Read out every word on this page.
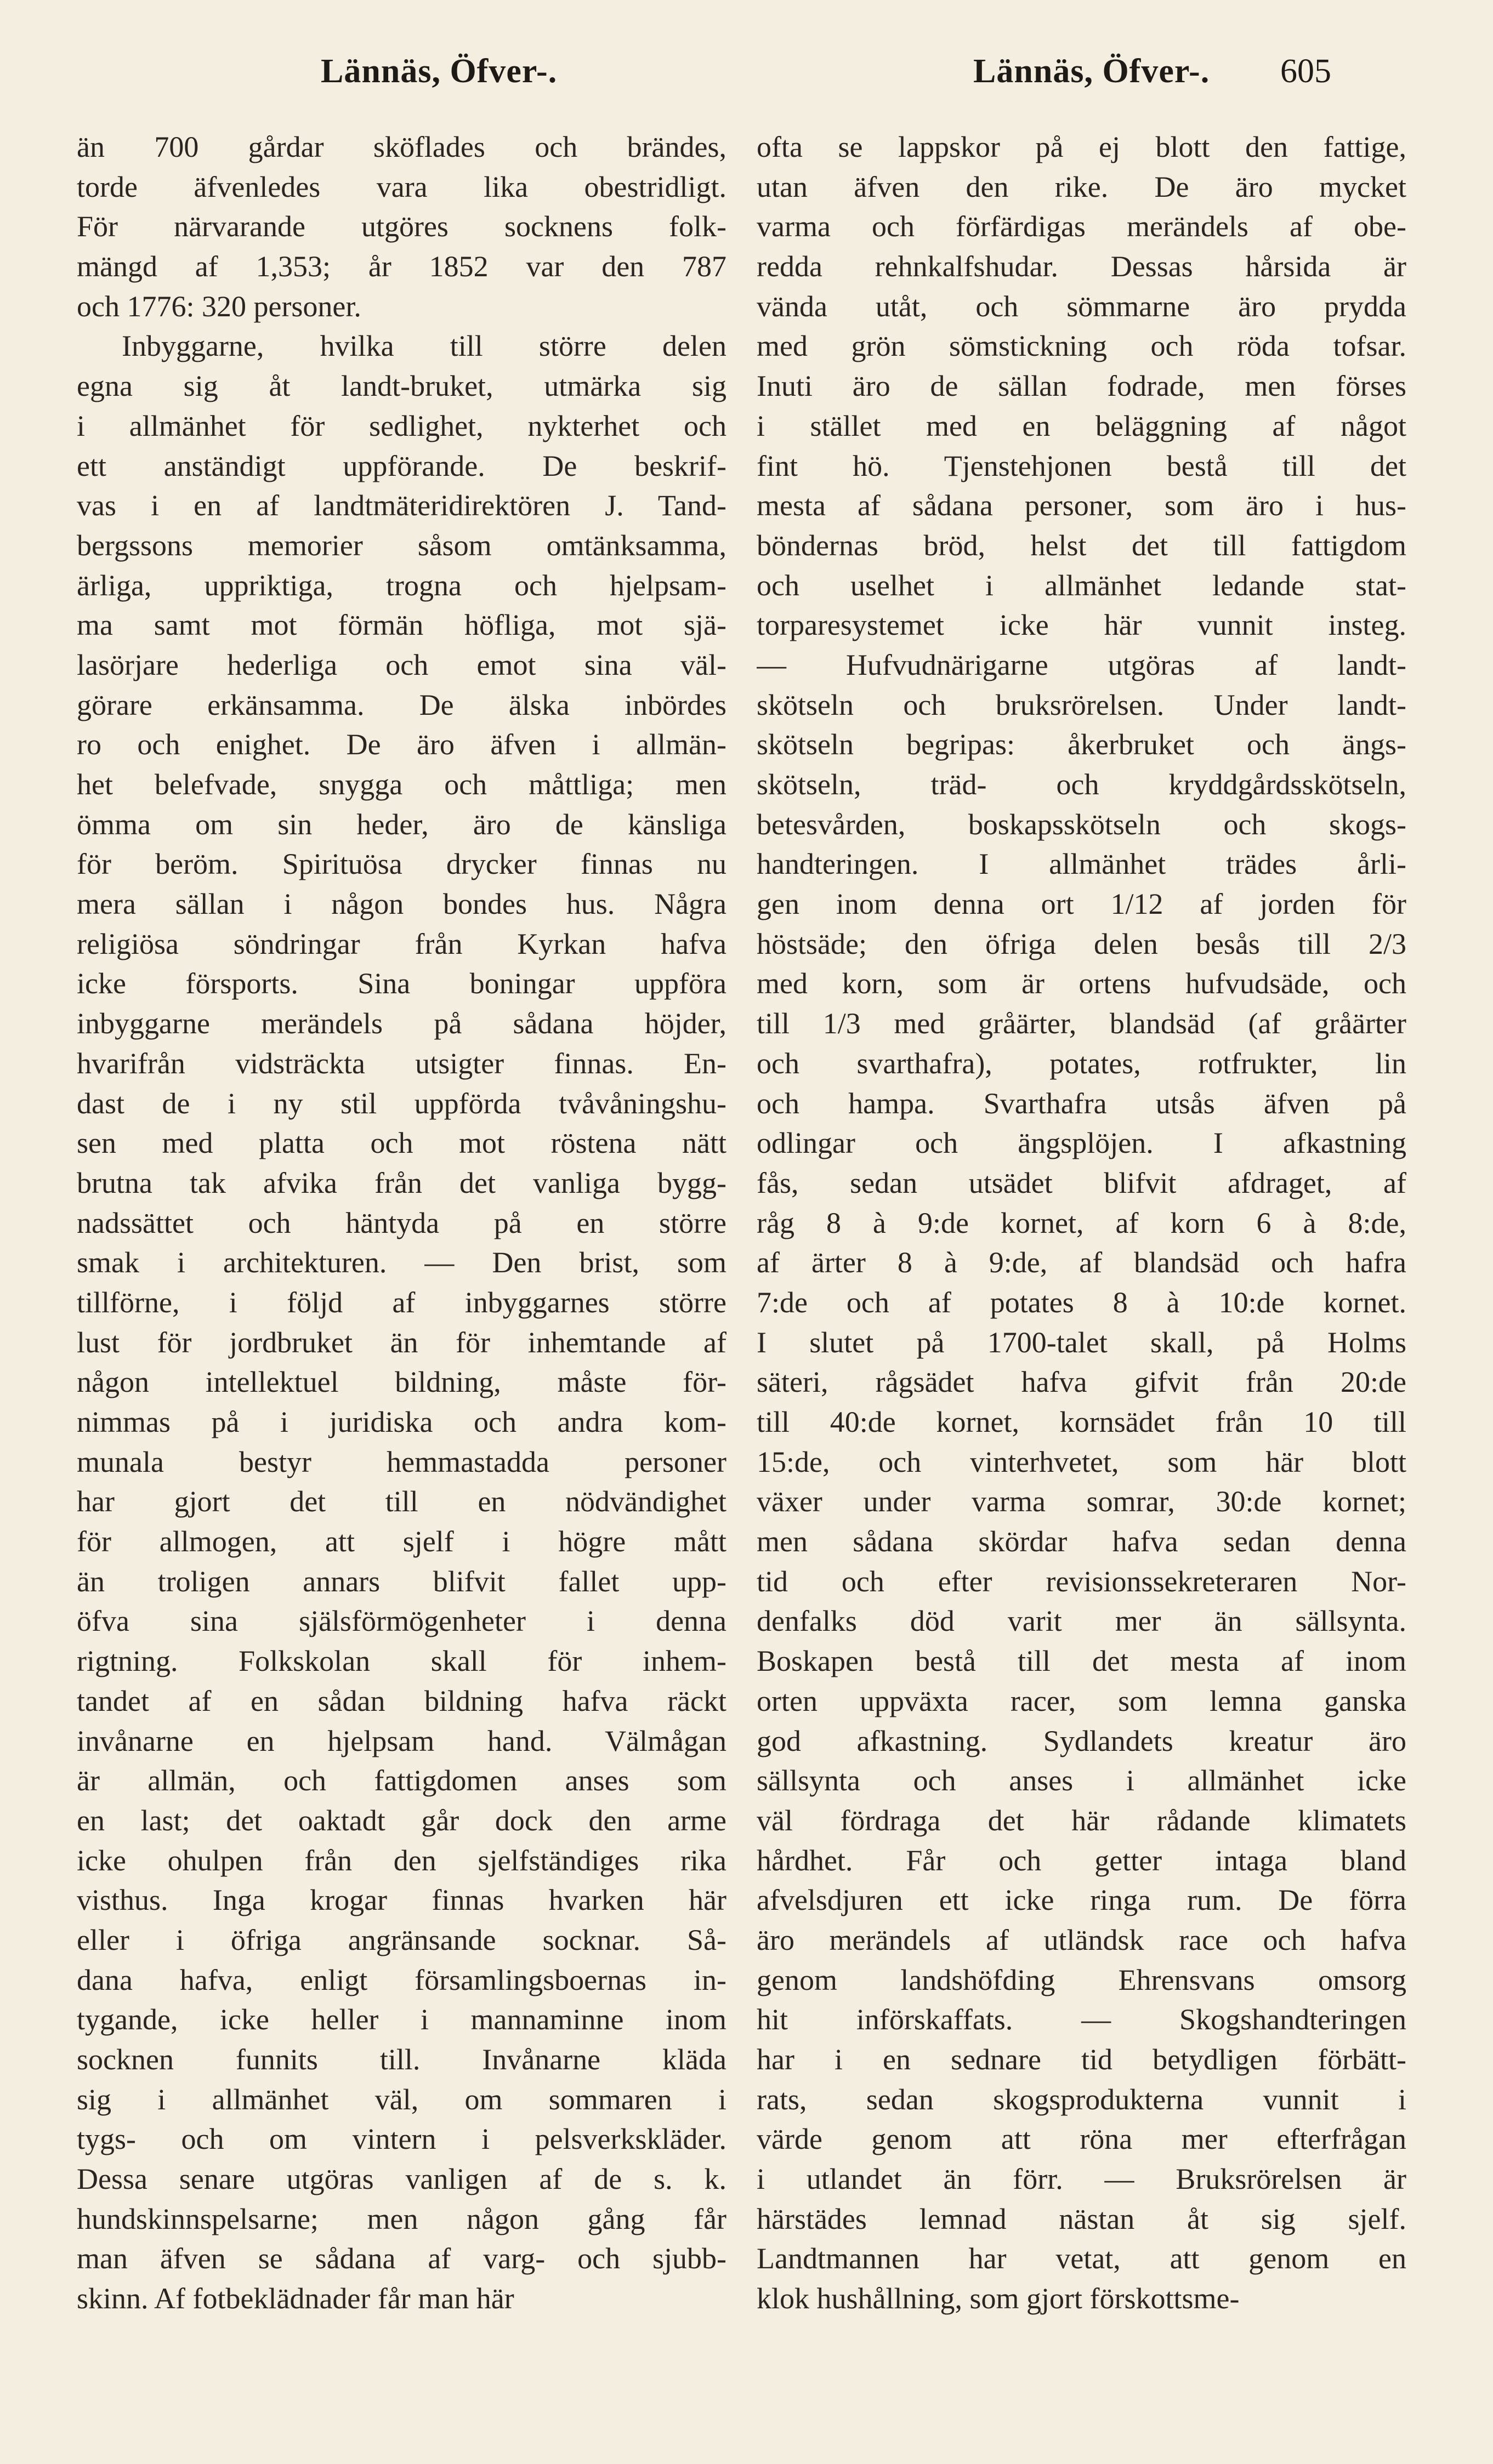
Lännäs, Öfver-.	Lännäs, Öfver-. 605
än 700 gårdar sköflades och brändes,
torde äfvenledes vara lika obestridligt.
För närvarande utgöres socknens folk-
mängd af 1,353; år 1852 var den 787
och 1776: 320 personer.
Inbyggarne, hvilka till större delen
egna sig åt landt-bruket, utmärka sig
i allmänhet för sedlighet, nykterhet och
ett anständigt uppförande. De beskrif-
vas i en af landtmäteridirektören J. Tand-
bergssons memorier såsom omtänksamma,
ärliga, uppriktiga, trogna och hjelpsam-
ma samt mot förmän höfliga, mot sjä-
lasörjare hederliga och emot sina väl-
görare erkänsamma. De älska inbördes
ro och enighet. De äro äfven i allmän-
het belefvade, snygga och måttliga; men
ömma om sin heder, äro de känsliga
för beröm. Spirituösa drycker finnas nu
mera sällan i någon bondes hus. Några
religiösa söndringar från Kyrkan hafva
icke försports. Sina boningar uppföra
inbyggarne merändels på sådana höjder,
hvarifrån vidsträckta utsigter finnas. En-
dast de i ny stil uppförda tvåvåningshu-
sen med platta och mot röstena nätt
brutna tak afvika från det vanliga bygg-
nadssättet och häntyda på en större
smak i architekturen. — Den brist, som
tillförne, i följd af inbyggarnes större
lust för jordbruket än för inhemtande af
någon intellektuel bildning, måste för-
nimmas på i juridiska och andra kom-
munala bestyr hemmastadda personer
har gjort det till en nödvändighet
för allmogen, att sjelf i högre mått
än troligen annars blifvit fallet upp-
öfva sina själsförmögenheter i denna
rigtning. Folkskolan skall för inhem-
tandet af en sådan bildning hafva räckt
invånarne en hjelpsam hand. Välmågan
är allmän, och fattigdomen anses som
en last; det oaktadt går dock den arme
icke ohulpen från den sjelfständiges rika
visthus. Inga krogar finnas hvarken här
eller i öfriga angränsande socknar. Så-
dana hafva, enligt församlingsboernas in-
tygande, icke heller i mannaminne inom
socknen funnits till. Invånarne kläda
sig i allmänhet väl, om sommaren i
tygs- och om vintern i pelsverkskläder.
Dessa senare utgöras vanligen af de s. k.
hundskinnspelsarne; men någon gång får
man äfven se sådana af varg- och sjubb-
skinn. Af fotbeklädnader får man här
ofta se lappskor på ej blott den fattige,
utan äfven den rike. De äro mycket
varma och förfärdigas merändels af obe-
redda rehnkalfshudar. Dessas hårsida är
vända utåt, och sömmarne äro prydda
med grön sömstickning och röda tofsar.
Inuti äro de sällan fodrade, men förses
i stället med en beläggning af något
fint hö. Tjenstehjonen bestå till det
mesta af sådana personer, som äro i hus-
böndernas bröd, helst det till fattigdom
och uselhet i allmänhet ledande stat-
torparesystemet icke här vunnit insteg.
— Hufvudnärigarne utgöras af landt-
skötseln och bruksrörelsen. Under landt-
skötseln begripas: åkerbruket och ängs-
skötseln, träd- och kryddgårdsskötseln,
betesvården, boskapsskötseln och skogs-
handteringen. I allmänhet trädes årli-
gen inom denna ort 1/12 af jorden för
höstsäde; den öfriga delen besås till 2/3
med korn, som är ortens hufvudsäde, och
till 1/3 med gråärter, blandsäd (af gråärter
och svarthafra), potates, rotfrukter, lin
och hampa. Svarthafra utsås äfven på
odlingar och ängsplöjen. I afkastning
fås, sedan utsädet blifvit afdraget, af
råg 8 à 9:de kornet, af korn 6 à 8:de,
af ärter 8 à 9:de, af blandsäd och hafra
7:de och af potates 8 à 10:de kornet.
I slutet på 1700-talet skall, på Holms
säteri, rågsädet hafva gifvit från 20:de
till 40:de kornet, kornsädet från 10 till
15:de, och vinterhvetet, som här blott
växer under varma somrar, 30:de kornet;
men sådana skördar hafva sedan denna
tid och efter revisionssekreteraren Nor-
denfalks död varit mer än sällsynta.
Boskapen bestå till det mesta af inom
orten uppväxta racer, som lemna ganska
god afkastning. Sydlandets kreatur äro
sällsynta och anses i allmänhet icke
väl fördraga det här rådande klimatets
hårdhet. Får och getter intaga bland
afvelsdjuren ett icke ringa rum. De förra
äro merändels af utländsk race och hafva
genom landshöfding Ehrensvans omsorg
hit införskaffats. — Skogshandteringen
har i en sednare tid betydligen förbätt-
rats, sedan skogsprodukterna vunnit i
värde genom att röna mer efterfrågan
i utlandet än förr. — Bruksrörelsen är
härstädes lemnad nästan åt sig sjelf.
Landtmannen har vetat, att genom en
klok hushållning, som gjort förskottsme-
